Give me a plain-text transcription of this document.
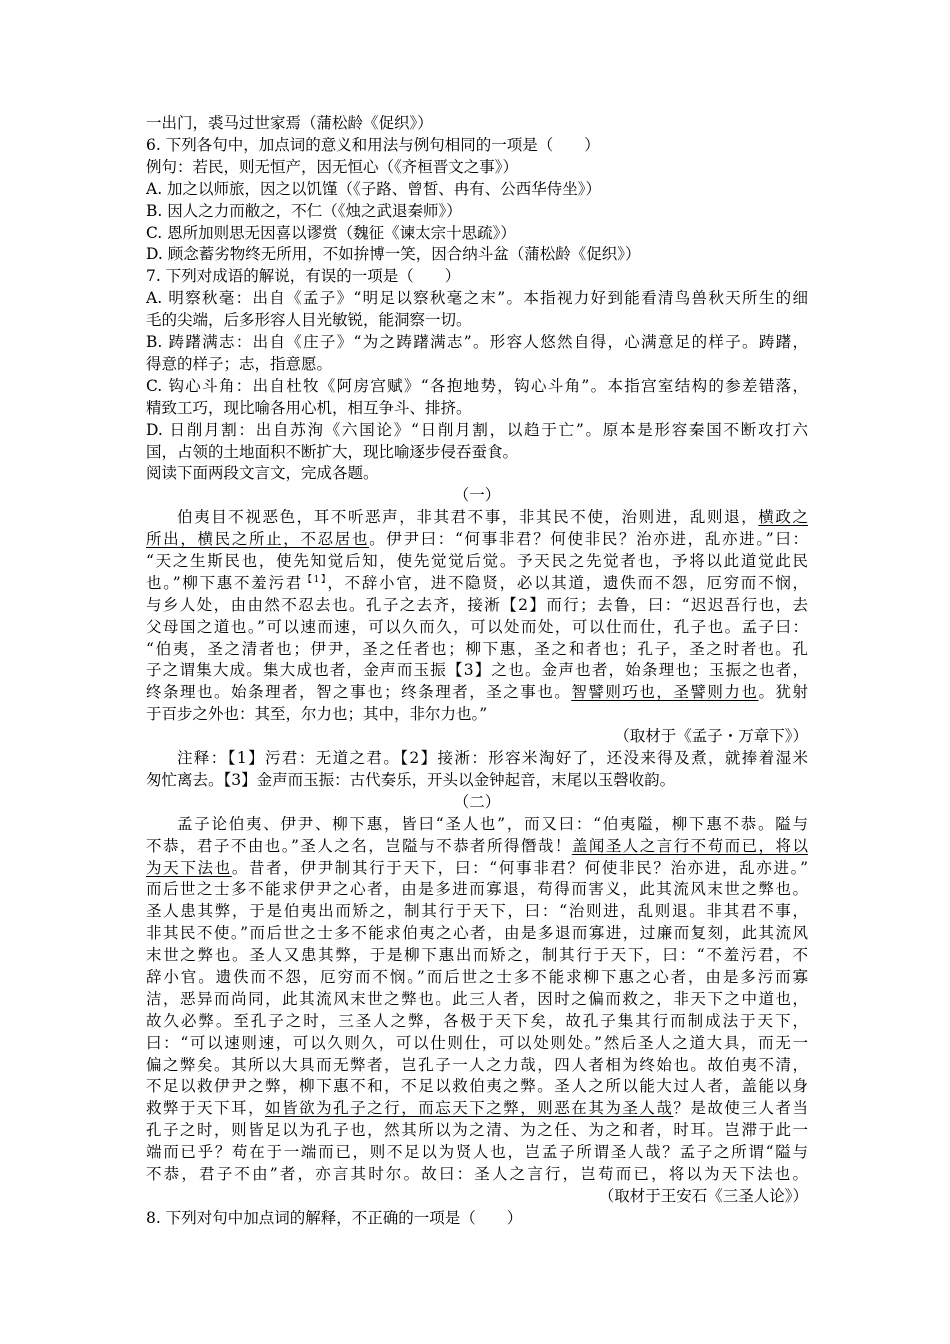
一出门，裘马过世家焉（蒲松龄《促织》）
6. 下列各句中，加点词的意义和用法与例句相同的一项是（　　）
例句：若民，则无恒产，因无恒心（《齐桓晋文之事》）
A. 加之以师旅，因之以饥馑（《子路、曾皙、冉有、公西华侍坐》）
B. 因人之力而敝之，不仁（《烛之武退秦师》）
C. 恩所加则思无因喜以谬赏（魏征《谏太宗十思疏》）
D. 顾念蓄劣物终无所用，不如拚博一笑，因合纳斗盆（蒲松龄《促织》）
7. 下列对成语的解说，有误的一项是（　　）
A. 明察秋毫：出自《孟子》“明足以察秋毫之末”。本指视力好到能看清鸟兽秋天所生的细
毛的尖端，后多形容人目光敏锐，能洞察一切。
B. 踌躇满志：出自《庄子》“为之踌躇满志”。形容人悠然自得，心满意足的样子。踌躇，
得意的样子；志，指意愿。
C. 钩心斗角：出自杜牧《阿房宫赋》“各抱地势，钩心斗角”。本指宫室结构的参差错落，
精致工巧，现比喻各用心机，相互争斗、排挤。
D. 日削月割：出自苏洵《六国论》“日削月割，以趋于亡”。原本是形容秦国不断攻打六
国，占领的土地面积不断扩大，现比喻逐步侵吞蚕食。
阅读下面两段文言文，完成各题。
（一）
伯夷目不视恶色，耳不听恶声，非其君不事，非其民不使，治则进，乱则退，横政之
所出，横民之所止，不忍居也。伊尹曰：“何事非君？何使非民？治亦进，乱亦进。”曰：
“天之生斯民也，使先知觉后知，使先觉觉后觉。予天民之先觉者也，予将以此道觉此民
也。”柳下惠不羞污君$^{【1】}$，不辞小官，进不隐贤，必以其道，遗佚而不怨，厄穷而不悯，
与乡人处，由由然不忍去也。孔子之去齐，接淅【2】而行；去鲁，曰：“迟迟吾行也，去
父母国之道也。”可以速而速，可以久而久，可以处而处，可以仕而仕，孔子也。孟子曰：
“伯夷，圣之清者也；伊尹，圣之任者也；柳下惠，圣之和者也；孔子，圣之时者也。孔
子之谓集大成。集大成也者，金声而玉振【3】之也。金声也者，始条理也；玉振之也者，
终条理也。始条理者，智之事也；终条理者，圣之事也。智譬则巧也，圣譬则力也。犹射
于百步之外也：其至，尔力也；其中，非尔力也。”
（取材于《孟子・万章下》）
注释：【1】污君：无道之君。【2】接淅：形容米淘好了，还没来得及煮，就捧着湿米
匆忙离去。【3】金声而玉振：古代奏乐，开头以金钟起音，末尾以玉磬收韵。
（二）
孟子论伯夷、伊尹、柳下惠，皆曰“圣人也”，而又曰：“伯夷隘，柳下惠不恭。隘与
不恭，君子不由也。”圣人之名，岂隘与不恭者所得僭哉！盖闻圣人之言行不苟而已，将以
为天下法也。昔者，伊尹制其行于天下，曰：“何事非君？何使非民？治亦进，乱亦进。”
而后世之士多不能求伊尹之心者，由是多进而寡退，苟得而害义，此其流风末世之弊也。
圣人患其弊，于是伯夷出而矫之，制其行于天下，曰：“治则进，乱则退。非其君不事，
非其民不使。”而后世之士多不能求伯夷之心者，由是多退而寡进，过廉而复刻，此其流风
末世之弊也。圣人又患其弊，于是柳下惠出而矫之，制其行于天下，曰：“不羞污君，不
辞小官。遗佚而不怨，厄穷而不悯。”而后世之士多不能求柳下惠之心者，由是多污而寡
洁，恶异而尚同，此其流风末世之弊也。此三人者，因时之偏而救之，非天下之中道也，
故久必弊。至孔子之时，三圣人之弊，各极于天下矣，故孔子集其行而制成法于天下，
曰：“可以速则速，可以久则久，可以仕则仕，可以处则处。”然后圣人之道大具，而无一
偏之弊矣。其所以大具而无弊者，岂孔子一人之力哉，四人者相为终始也。故伯夷不清，
不足以救伊尹之弊，柳下惠不和，不足以救伯夷之弊。圣人之所以能大过人者，盖能以身
救弊于天下耳，如皆欲为孔子之行，而忘天下之弊，则恶在其为圣人哉？是故使三人者当
孔子之时，则皆足以为孔子也，然其所以为之清、为之任、为之和者，时耳。岂滞于此一
端而已乎？苟在于一端而已，则不足以为贤人也，岂孟子所谓圣人哉？孟子之所谓“隘与
不恭，君子不由”者，亦言其时尔。故曰：圣人之言行，岂苟而已，将以为天下法也。
（取材于王安石《三圣人论》）
8. 下列对句中加点词的解释，不正确的一项是（　　）
